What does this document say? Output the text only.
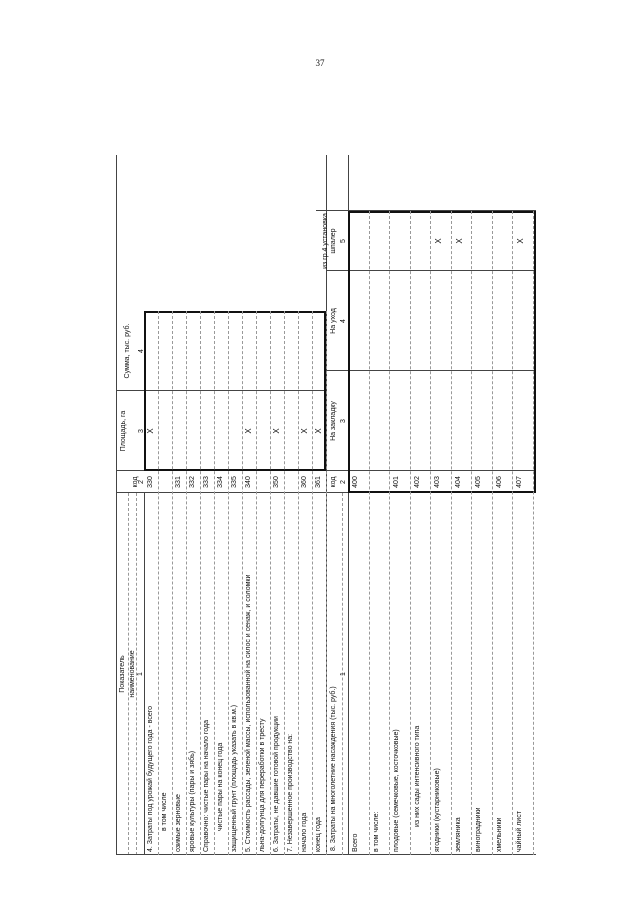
37
Показатель наименование 1
код 2
Площадь, га 3
Сумма, тыс. руб. 4
8. Затраты на многолетние насаждения (тыс. руб.)
1
код 2
На закладку 3
На уход 4
из гр.4 установка шпалер 5
4. Затраты под урожай будущего года - всего
330
X
в том числе озимые зерновые
331
яровые культуры (пары и зябь)
332
Справочно: чистые пары на начало года
333
чистые пары на конец года
334
защищенный грунт (площадь указать в кв.м.)
335
5. Стоимость рассады, зеленой массы, использованной на силос и сенаж, и соломки
340
X
льна-долгунца для переработки в тресту 6. Затраты, не давшие готовой продукции
350
X
7. Незавершенное производство на: начало года
360
X
конец года
361
X
Всего
400
в том числе: плодовые (семечковые, косточковые)
401
из них сады интенсивного типа
402
ягодники (кустарниковые)
403
X
земляника
404
X
виноградники
405
хмельники
406
чайный лист
407
X
